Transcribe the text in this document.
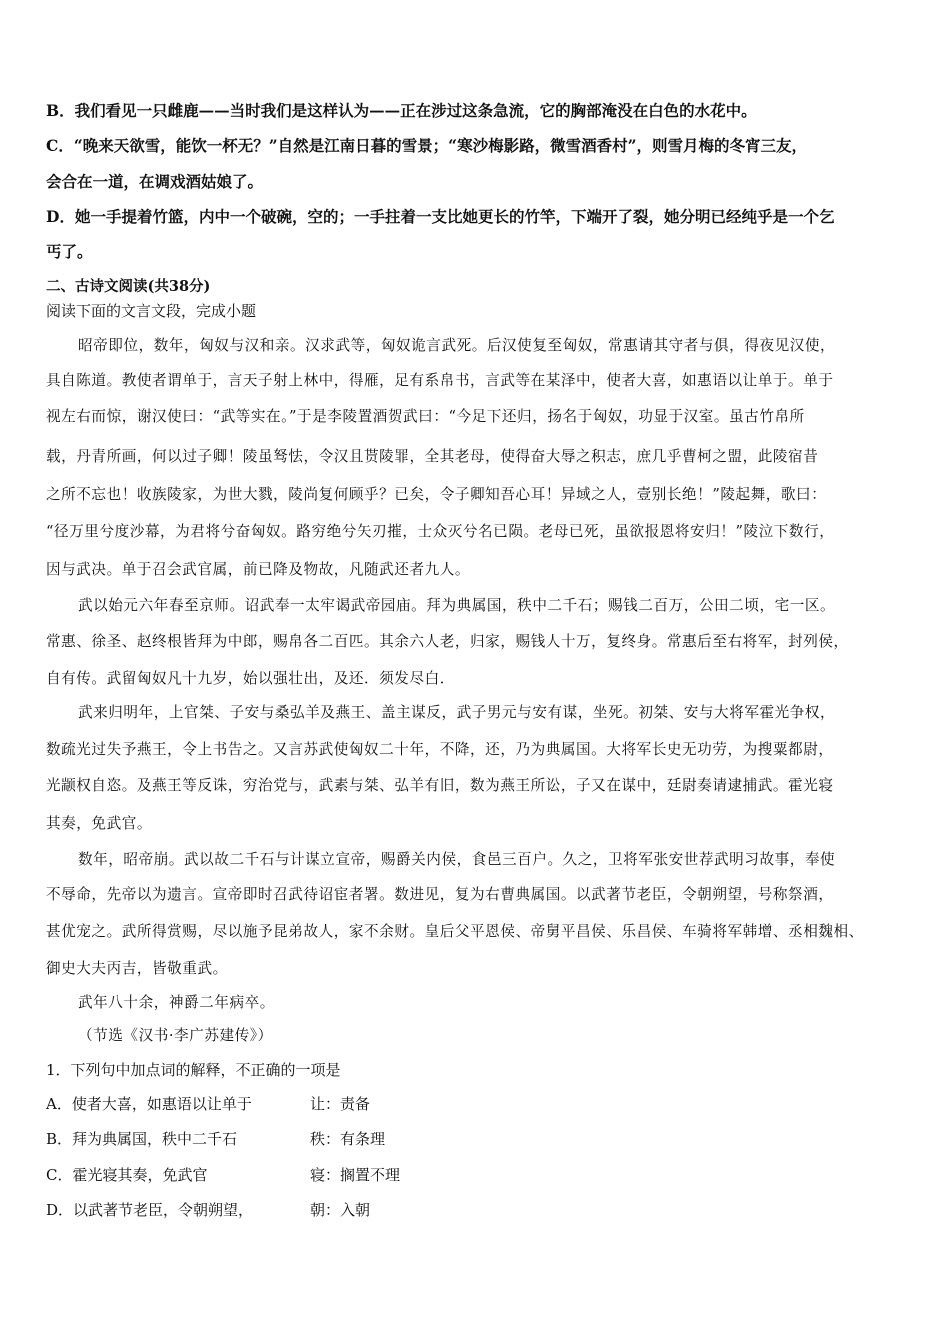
B．我们看见一只雌鹿——当时我们是这样认为——正在涉过这条急流，它的胸部淹没在白色的水花中。
C．“晚来天欲雪，能饮一杯无？”自然是江南日暮的雪景；“寒沙梅影路，微雪酒香村”，则雪月梅的冬宵三友，
会合在一道，在调戏酒姑娘了。
D．她一手提着竹篮，内中一个破碗，空的；一手拄着一支比她更长的竹竿，下端开了裂，她分明已经纯乎是一个乞
丐了。
二、古诗文阅读(共38分)
阅读下面的文言文段，完成小题
昭帝即位，数年，匈奴与汉和亲。汉求武等，匈奴诡言武死。后汉使复至匈奴，常惠请其守者与俱，得夜见汉使，
具自陈道。教使者谓单于，言天子射上林中，得雁，足有系帛书，言武等在某泽中，使者大喜，如惠语以让单于。单于
视左右而惊，谢汉使曰：“武等实在。”于是李陵置酒贺武曰：“今足下还归，扬名于匈奴，功显于汉室。虽古竹帛所
载，丹青所画，何以过子卿！陵虽驽怯，令汉且贳陵罪，全其老母，使得奋大辱之积志，庶几乎曹柯之盟，此陵宿昔
之所不忘也！收族陵家，为世大戮，陵尚复何顾乎？已矣，令子卿知吾心耳！异域之人，壹别长绝！”陵起舞，歌曰：
“径万里兮度沙幕，为君将兮奋匈奴。路穷绝兮矢刃摧，士众灭兮名已陨。老母已死，虽欲报恩将安归！”陵泣下数行，
因与武决。单于召会武官属，前已降及物故，凡随武还者九人。
武以始元六年春至京师。诏武奉一太牢谒武帝园庙。拜为典属国，秩中二千石；赐钱二百万，公田二顷，宅一区。
常惠、徐圣、赵终根皆拜为中郎，赐帛各二百匹。其余六人老，归家，赐钱人十万，复终身。常惠后至右将军，封列侯，
自有传。武留匈奴凡十九岁，始以强壮出，及还．须发尽白．
武来归明年，上官桀、子安与桑弘羊及燕王、盖主谋反，武子男元与安有谋，坐死。初桀、安与大将军霍光争权，
数疏光过失予燕王，令上书告之。又言苏武使匈奴二十年，不降，还，乃为典属国。大将军长史无功劳，为搜粟都尉，
光颛权自恣。及燕王等反诛，穷治党与，武素与桀、弘羊有旧，数为燕王所讼，子又在谋中，廷尉奏请逮捕武。霍光寝
其奏，免武官。
数年，昭帝崩。武以故二千石与计谋立宣帝，赐爵关内侯，食邑三百户。久之，卫将军张安世荐武明习故事，奉使
不辱命，先帝以为遗言。宣帝即时召武待诏宦者署。数进见，复为右曹典属国。以武著节老臣，令朝朔望，号称祭酒，
甚优宠之。武所得赏赐，尽以施予昆弟故人，家不余财。皇后父平恩侯、帝舅平昌侯、乐昌侯、车骑将军韩增、丞相魏相、
御史大夫丙吉，皆敬重武。
武年八十余，神爵二年病卒。
（节选《汉书·李广苏建传》）
1．下列句中加点词的解释，不正确的一项是
A．使者大喜，如惠语以让单于	让：责备
B．拜为典属国，秩中二千石	秩：有条理
C．霍光寝其奏，免武官	寝：搁置不理
D．以武著节老臣，令朝朔望，	朝：入朝
